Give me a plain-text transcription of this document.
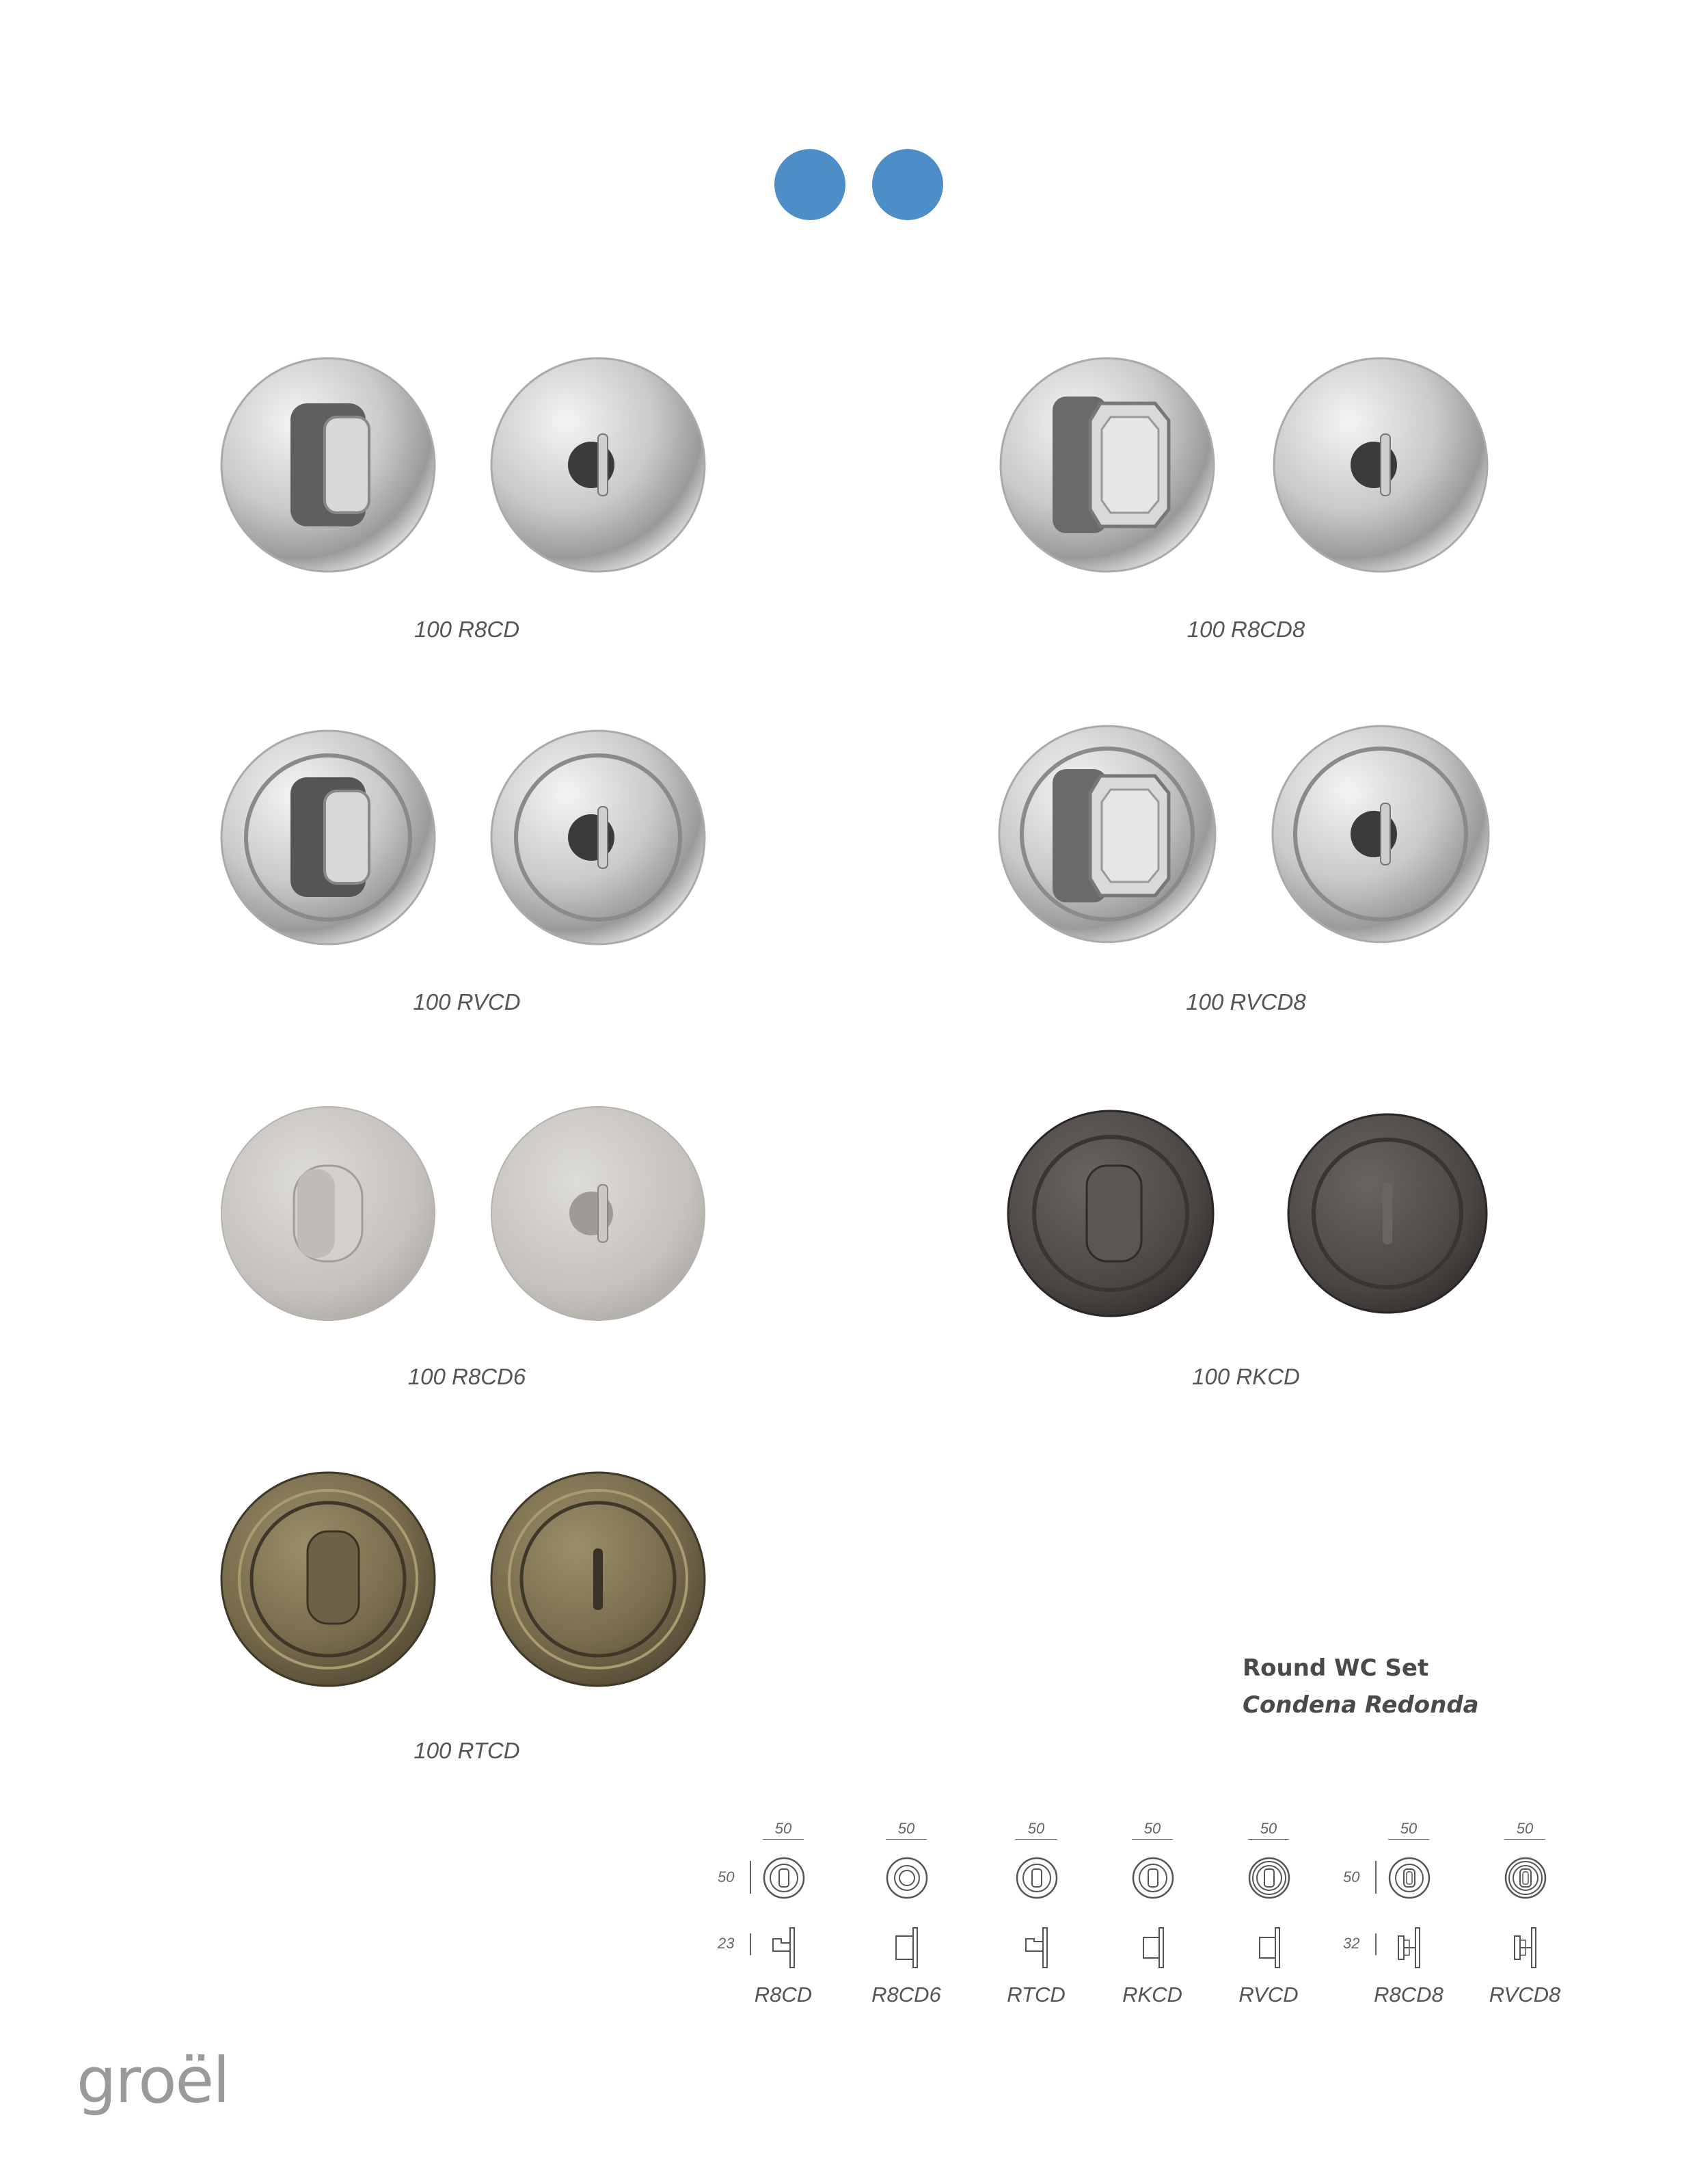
100 R8CD	100 R8CD8
100 RVCD	100 RVCD8
100 R8CD6	100 RKCD
100 RTCD
Round WC Set
Condena Redonda
50
50
23
R8CD
50
R8CD6
50
RTCD
50
RKCD
50
RVCD
50
50
32
R8CD8
50
RVCD8
groël
